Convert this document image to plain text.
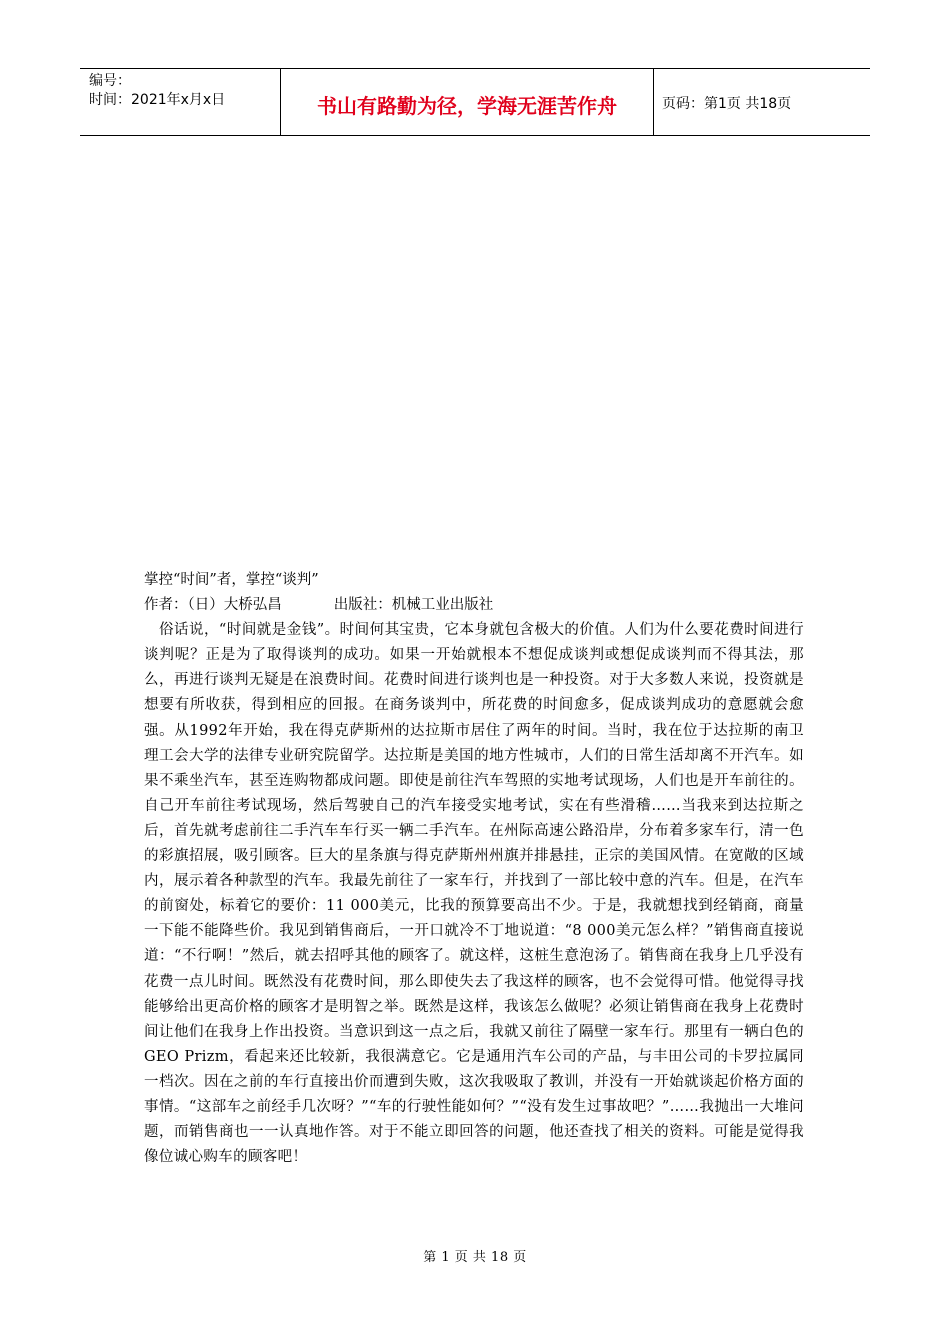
编号：
时间：2021年x月x日	书山有路勤为径，学海无涯苦作舟	页码：第1页 共18页
掌控“时间”者，掌控“谈判”
作者：（日）大桥弘昌	出版社：机械工业出版社
俗话说，“时间就是金钱”。时间何其宝贵，它本身就包含极大的价值。人们为什么要花费时间进行谈判呢？正是为了取得谈判的成功。如果一开始就根本不想促成谈判或想促成谈判而不得其法，那么，再进行谈判无疑是在浪费时间。花费时间进行谈判也是一种投资。对于大多数人来说，投资就是想要有所收获，得到相应的回报。在商务谈判中，所花费的时间愈多，促成谈判成功的意愿就会愈强。从1992年开始，我在得克萨斯州的达拉斯市居住了两年的时间。当时，我在位于达拉斯的南卫理工会大学的法律专业研究院留学。达拉斯是美国的地方性城市，人们的日常生活却离不开汽车。如果不乘坐汽车，甚至连购物都成问题。即使是前往汽车驾照的实地考试现场，人们也是开车前往的。自己开车前往考试现场，然后驾驶自己的汽车接受实地考试，实在有些滑稽……当我来到达拉斯之后，首先就考虑前往二手汽车车行买一辆二手汽车。在州际高速公路沿岸，分布着多家车行，清一色的彩旗招展，吸引顾客。巨大的星条旗与得克萨斯州州旗并排悬挂，正宗的美国风情。在宽敞的区域内，展示着各种款型的汽车。我最先前往了一家车行，并找到了一部比较中意的汽车。但是，在汽车的前窗处，标着它的要价：11 000美元，比我的预算要高出不少。于是，我就想找到经销商，商量一下能不能降些价。我见到销售商后，一开口就冷不丁地说道：“8 000美元怎么样？”销售商直接说道：“不行啊！”然后，就去招呼其他的顾客了。就这样，这桩生意泡汤了。销售商在我身上几乎没有花费一点儿时间。既然没有花费时间，那么即使失去了我这样的顾客，也不会觉得可惜。他觉得寻找能够给出更高价格的顾客才是明智之举。既然是这样，我该怎么做呢？必须让销售商在我身上花费时间让他们在我身上作出投资。当意识到这一点之后，我就又前往了隔壁一家车行。那里有一辆白色的GEO Prizm，看起来还比较新，我很满意它。它是通用汽车公司的产品，与丰田公司的卡罗拉属同一档次。因在之前的车行直接出价而遭到失败，这次我吸取了教训，并没有一开始就谈起价格方面的事情。“这部车之前经手几次呀？”“车的行驶性能如何？”“没有发生过事故吧？”……我抛出一大堆问题，而销售商也一一认真地作答。对于不能立即回答的问题，他还查找了相关的资料。可能是觉得我像位诚心购车的顾客吧！
第 1 页 共 18 页
